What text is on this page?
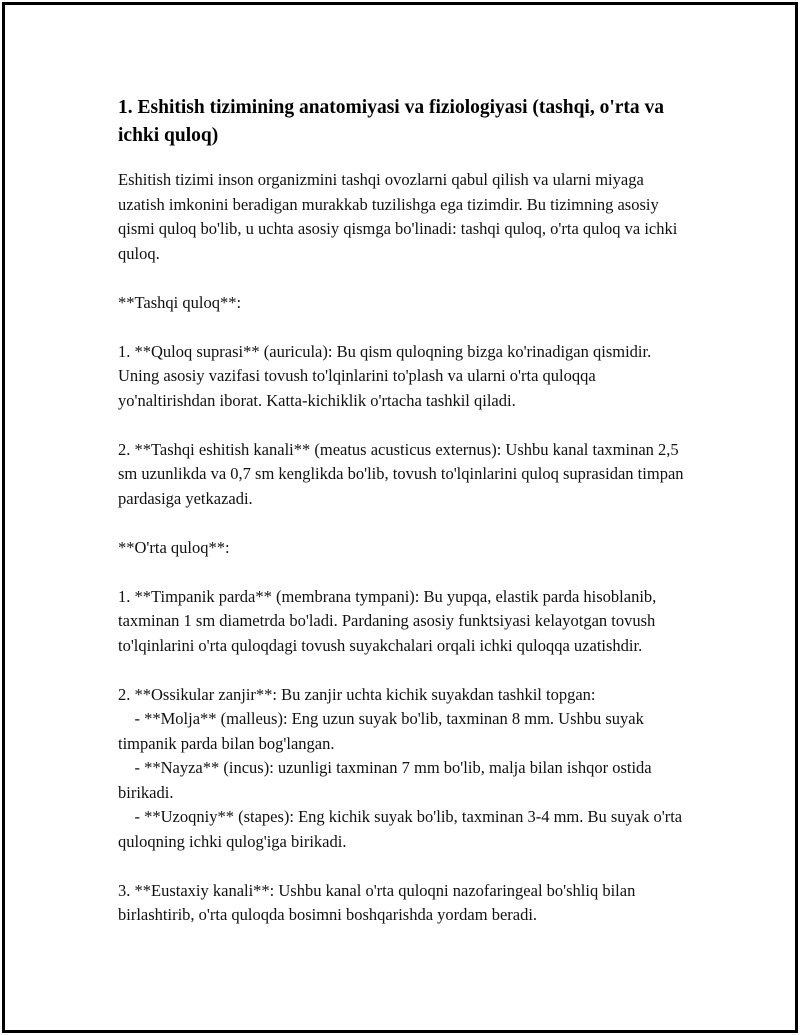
1. Eshitish tizimining anatomiyasi va fiziologiyasi (tashqi, o'rta va ichki quloq)

Eshitish tizimi inson organizmini tashqi ovozlarni qabul qilish va ularni miyaga uzatish imkonini beradigan murakkab tuzilishga ega tizimdir. Bu tizimning asosiy qismi quloq bo'lib, u uchta asosiy qismga bo'linadi: tashqi quloq, o'rta quloq va ichki quloq.

**Tashqi quloq**:

1. **Quloq suprasi** (auricula): Bu qism quloqning bizga ko'rinadigan qismidir. Uning asosiy vazifasi tovush to'lqinlarini to'plash va ularni o'rta quloqqa yo'naltirishdan iborat. Katta-kichiklik o'rtacha tashkil qiladi.

2. **Tashqi eshitish kanali** (meatus acusticus externus): Ushbu kanal taxminan 2,5 sm uzunlikda va 0,7 sm kenglikda bo'lib, tovush to'lqinlarini quloq suprasidan timpan pardasiga yetkazadi.

**O'rta quloq**:

1. **Timpanik parda** (membrana tympani): Bu yupqa, elastik parda hisoblanib, taxminan 1 sm diametrda bo'ladi. Pardaning asosiy funktsiyasi kelayotgan tovush to'lqinlarini o'rta quloqdagi tovush suyakchalari orqali ichki quloqqa uzatishdir.

2. **Ossikular zanjir**: Bu zanjir uchta kichik suyakdan tashkil topgan:
- **Molja** (malleus): Eng uzun suyak bo'lib, taxminan 8 mm. Ushbu suyak timpanik parda bilan bog'langan.
- **Nayza** (incus): uzunligi taxminan 7 mm bo'lib, malja bilan ishqor ostida birikadi.
- **Uzoqniy** (stapes): Eng kichik suyak bo'lib, taxminan 3-4 mm. Bu suyak o'rta quloqning ichki qulog'iga birikadi.

3. **Eustaxiy kanali**: Ushbu kanal o'rta quloqni nazofaringeal bo'shliq bilan birlashtirib, o'rta quloqda bosimni boshqarishda yordam beradi.
